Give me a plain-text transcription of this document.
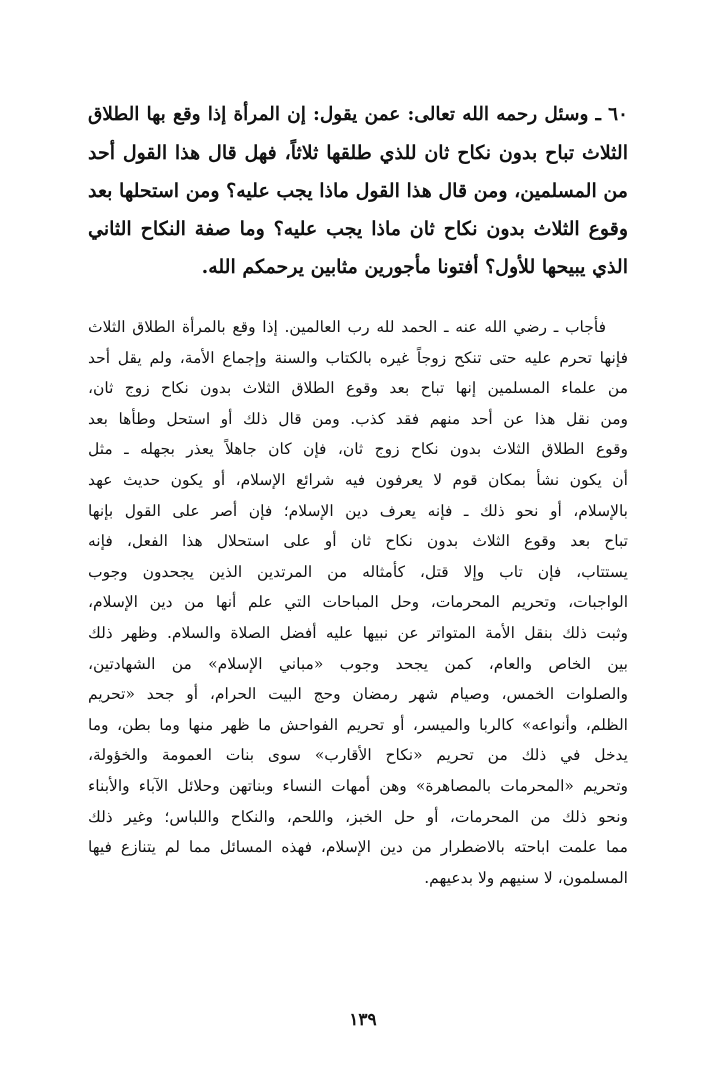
٦٠ ـ وسئل رحمه الله تعالى: عمن يقول: إن المرأة إذا وقع بها الطلاق
الثلاث تباح بدون نكاح ثان للذي طلقها ثلاثاً، فهل قال هذا القول أحد
من المسلمين، ومن قال هذا القول ماذا يجب عليه؟ ومن استحلها بعد
وقوع الثلاث بدون نكاح ثان ماذا يجب عليه؟ وما صفة النكاح الثاني
الذي يبيحها للأول؟ أفتونا مأجورين مثابين يرحمكم الله.
فأجاب ـ رضي الله عنه ـ الحمد لله رب العالمين. إذا وقع بالمرأة الطلاق الثلاث
فإنها تحرم عليه حتى تنكح زوجاً غيره بالكتاب والسنة وإجماع الأمة، ولم يقل أحد
من علماء المسلمين إنها تباح بعد وقوع الطلاق الثلاث بدون نكاح زوج ثان،
ومن نقل هذا عن أحد منهم فقد كذب. ومن قال ذلك أو استحل وطأها بعد
وقوع الطلاق الثلاث بدون نكاح زوج ثان، فإن كان جاهلاً يعذر بجهله ـ مثل
أن يكون نشأ بمكان قوم لا يعرفون فيه شرائع الإسلام، أو يكون حديث عهد
بالإسلام، أو نحو ذلك ـ فإنه يعرف دين الإسلام؛ فإن أصر على القول بإنها
تباح بعد وقوع الثلاث بدون نكاح ثان أو على استحلال هذا الفعل، فإنه
يستتاب، فإن تاب وإلا قتل، كأمثاله من المرتدين الذين يجحدون وجوب
الواجبات، وتحريم المحرمات، وحل المباحات التي علم أنها من دين الإسلام،
وثبت ذلك بنقل الأمة المتواتر عن نبيها عليه أفضل الصلاة والسلام. وظهر ذلك
بين الخاص والعام، كمن يجحد وجوب «مباني الإسلام» من الشهادتين،
والصلوات الخمس، وصيام شهر رمضان وحج البيت الحرام، أو جحد «تحريم
الظلم، وأنواعه» كالربا والميسر، أو تحريم الفواحش ما ظهر منها وما بطن، وما
يدخل في ذلك من تحريم «نكاح الأقارب» سوى بنات العمومة والخؤولة،
وتحريم «المحرمات بالمصاهرة» وهن أمهات النساء وبناتهن وحلائل الآباء والأبناء
ونحو ذلك من المحرمات، أو حل الخبز، واللحم، والنكاح واللباس؛ وغير ذلك
مما علمت اباحته بالاضطرار من دين الإسلام، فهذه المسائل مما لم يتنازع فيها
المسلمون، لا سنيهم ولا بدعيهم.
١٣٩
